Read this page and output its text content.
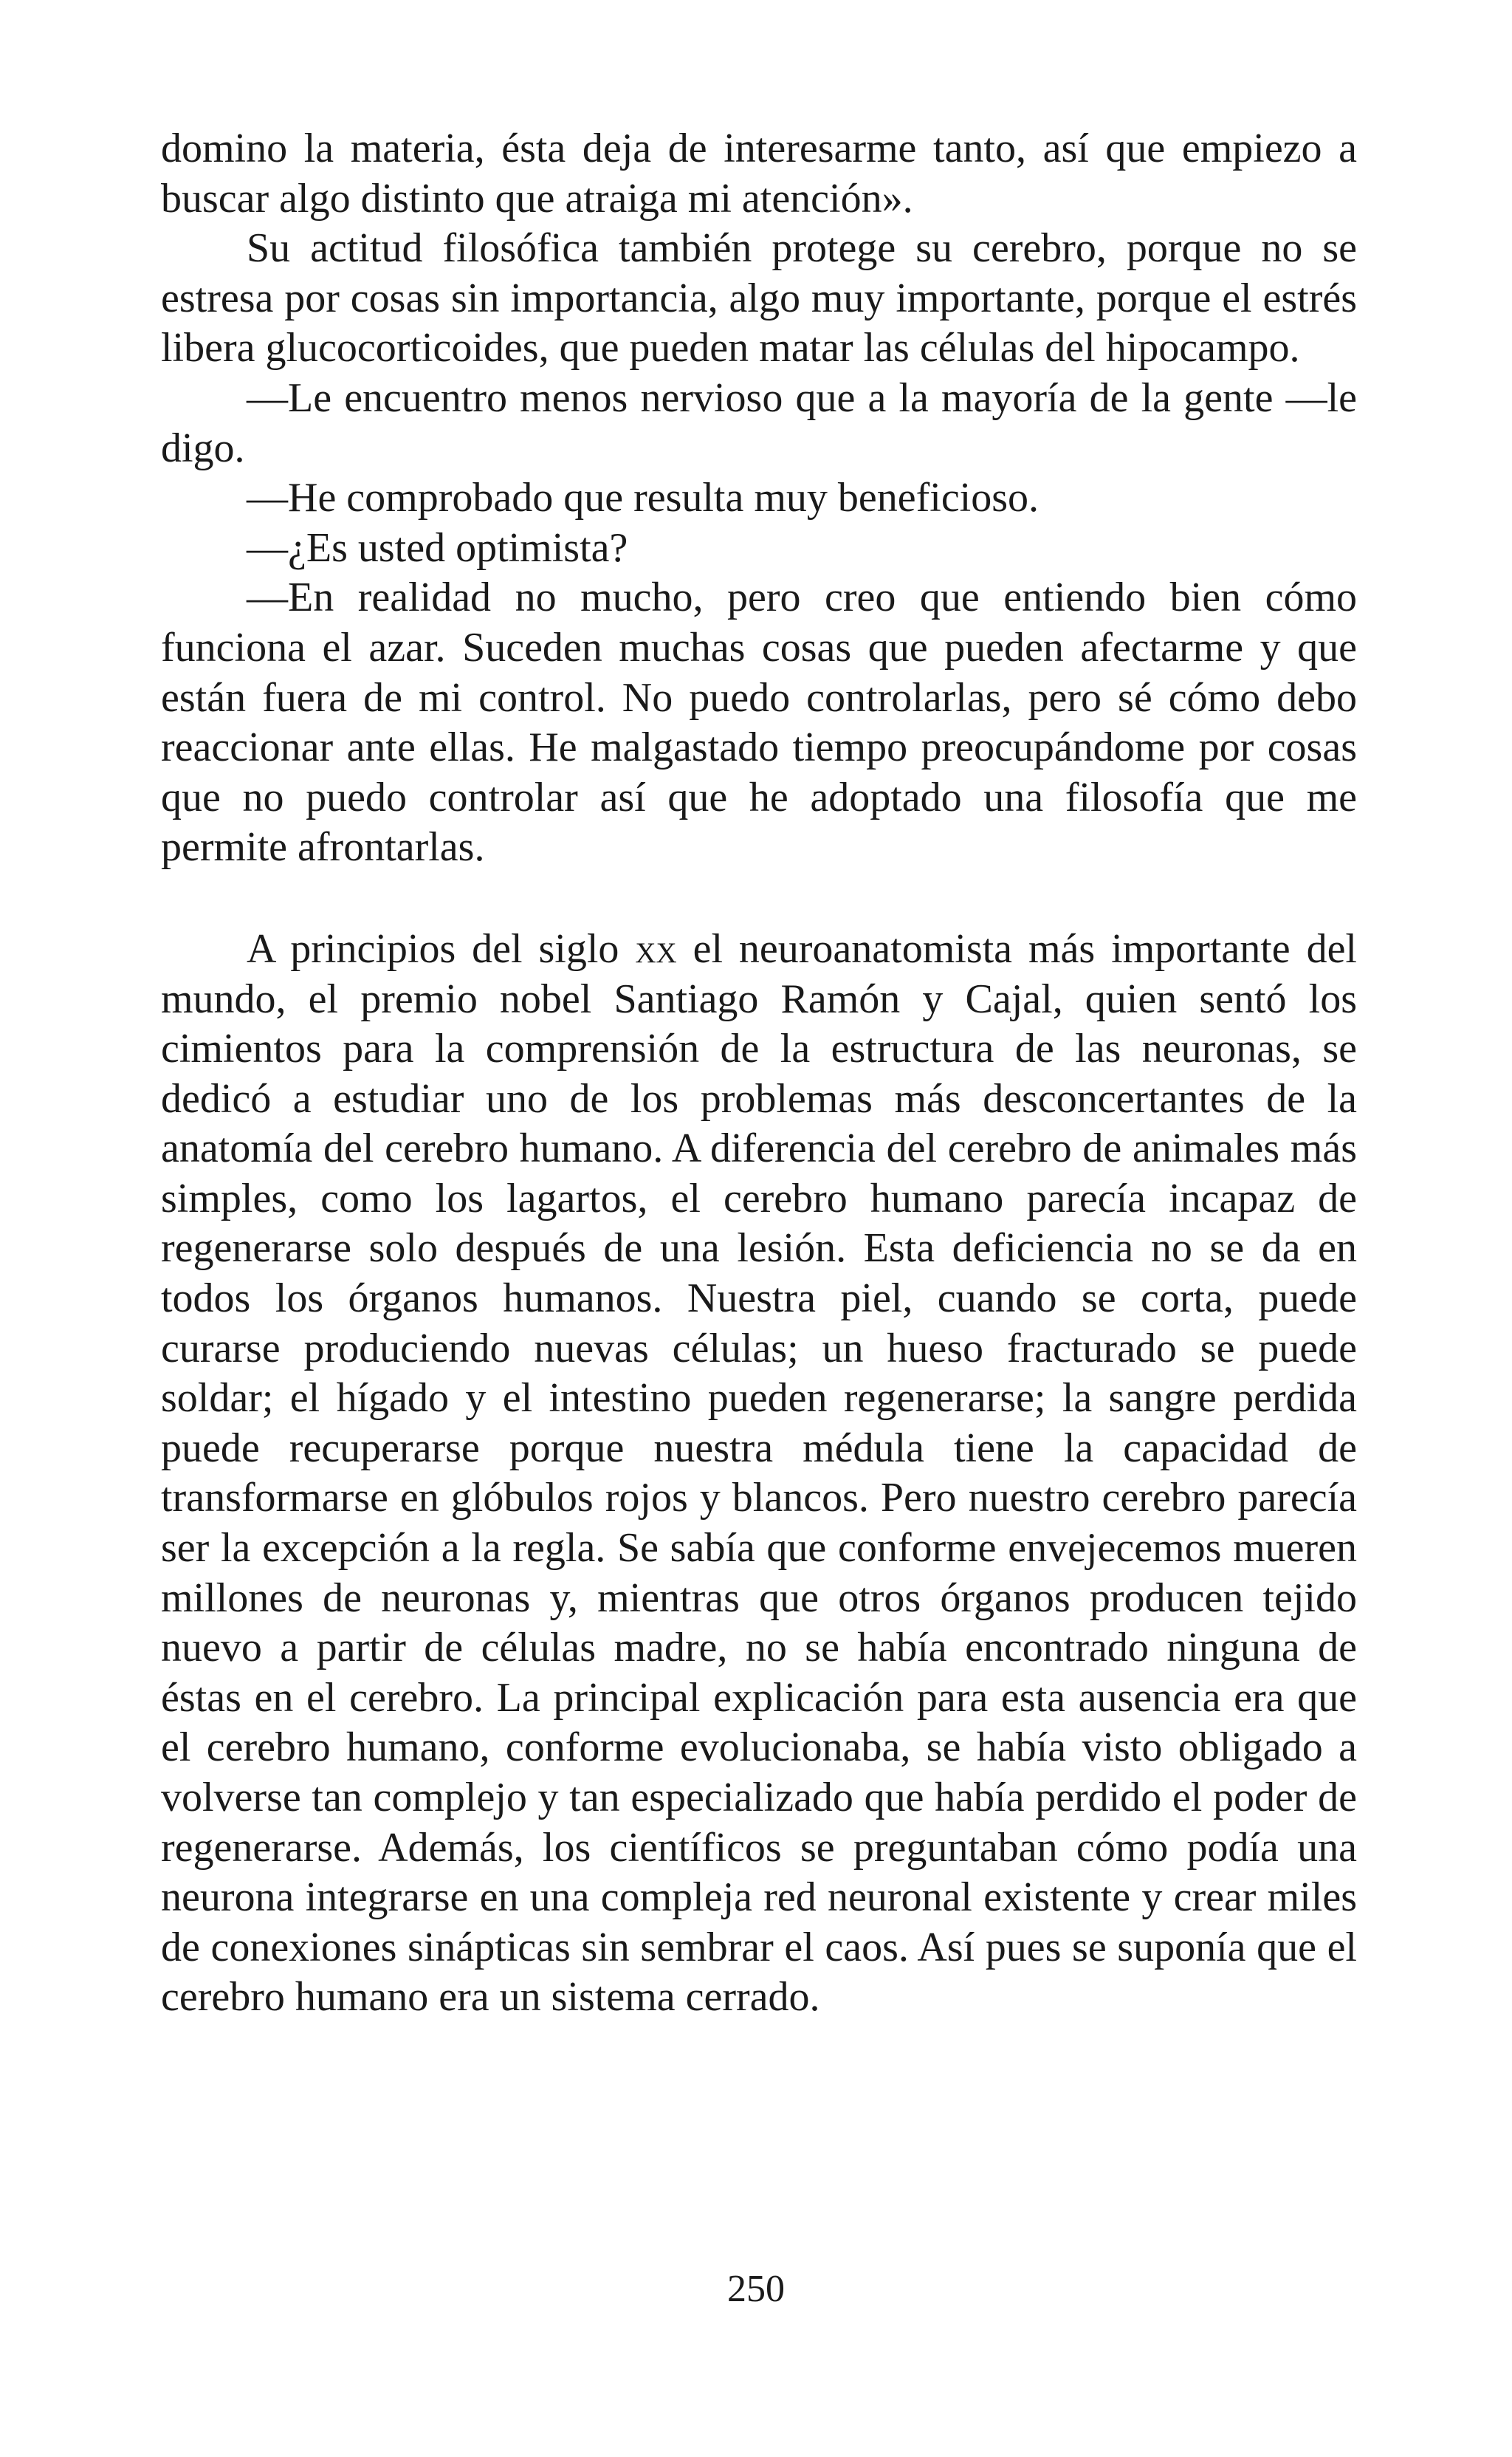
domino la materia, ésta deja de interesarme tanto, así que empiezo a buscar algo distinto que atraiga mi atención».

Su actitud filosófica también protege su cerebro, porque no se estresa por cosas sin importancia, algo muy importante, porque el estrés libera glucocorticoides, que pueden matar las células del hipocampo.

—Le encuentro menos nervioso que a la mayoría de la gente —le digo.

—He comprobado que resulta muy beneficioso.

—¿Es usted optimista?

—En realidad no mucho, pero creo que entiendo bien cómo funciona el azar. Suceden muchas cosas que pueden afectarme y que están fuera de mi control. No puedo controlarlas, pero sé cómo debo reaccionar ante ellas. He malgastado tiempo preocupándome por cosas que no puedo controlar así que he adoptado una filosofía que me permite afrontarlas.

A principios del siglo xx el neuroanatomista más importante del mundo, el premio nobel Santiago Ramón y Cajal, quien sentó los cimientos para la comprensión de la estructura de las neuronas, se dedicó a estudiar uno de los problemas más desconcertantes de la anatomía del cerebro humano. A diferencia del cerebro de animales más simples, como los lagartos, el cerebro humano parecía incapaz de regenerarse solo después de una lesión. Esta deficiencia no se da en todos los órganos humanos. Nuestra piel, cuando se corta, puede curarse produciendo nuevas células; un hueso fracturado se puede soldar; el hígado y el intestino pueden regenerarse; la sangre perdida puede recuperarse porque nuestra médula tiene la capacidad de transformarse en glóbulos rojos y blancos. Pero nuestro cerebro parecía ser la excepción a la regla. Se sabía que conforme envejecemos mueren millones de neuronas y, mientras que otros órganos producen tejido nuevo a partir de células madre, no se había encontrado ninguna de éstas en el cerebro. La principal explicación para esta ausencia era que el cerebro humano, conforme evolucionaba, se había visto obligado a volverse tan complejo y tan especializado que había perdido el poder de regenerarse. Además, los científicos se preguntaban cómo podía una neurona integrarse en una compleja red neuronal existente y crear miles de conexiones sinápticas sin sembrar el caos. Así pues se suponía que el cerebro humano era un sistema cerrado.

250
